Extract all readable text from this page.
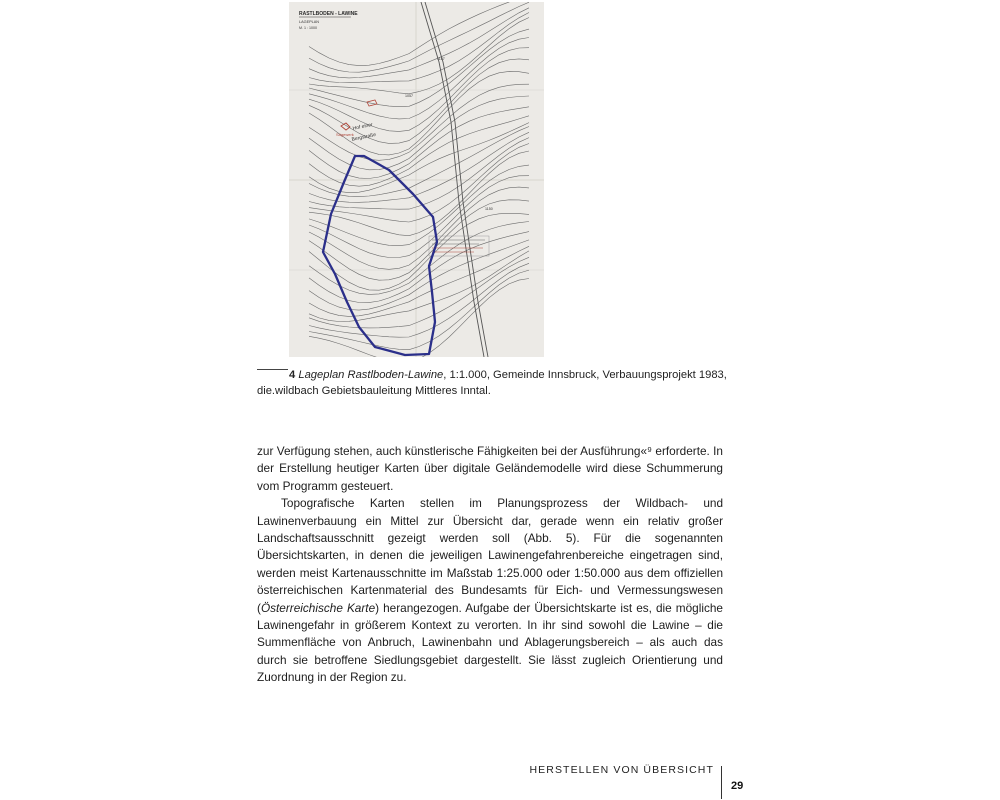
RASTLBODEN - LAWINE
LAGEPLAN
M. 1 : 1000
Hof einer
Bergstraße
1187
1150
1057
Sägewerk
4 Lageplan Rastlboden-Lawine, 1:1.000, Gemeinde Innsbruck, Verbauungsprojekt 1983,
die.wildbach Gebietsbauleitung Mittleres Inntal.

zur Verfügung stehen, auch künstlerische Fähigkeiten bei der Ausführung«⁹ erforderte. In der Erstellung heutiger Karten über digitale Geländemodelle wird diese Schummerung vom Programm gesteuert.

Topografische Karten stellen im Planungsprozess der Wildbach- und Lawinenverbauung ein Mittel zur Übersicht dar, gerade wenn ein relativ großer Landschaftsausschnitt gezeigt werden soll (Abb. 5). Für die sogenannten Übersichtskarten, in denen die jeweiligen Lawinengefahrenbereiche eingetragen sind, werden meist Kartenausschnitte im Maßstab 1:25.000 oder 1:50.000 aus dem offiziellen österreichischen Kartenmaterial des Bundesamts für Eich- und Vermessungswesen (Österreichische Karte) herangezogen. Aufgabe der Übersichtskarte ist es, die mögliche Lawinengefahr in größerem Kontext zu verorten. In ihr sind sowohl die Lawine – die Summenfläche von Anbruch, Lawinenbahn und Ablagerungsbereich – als auch das durch sie betroffene Siedlungsgebiet dargestellt. Sie lässt zugleich Orientierung und Zuordnung in der Region zu.

HERSTELLEN VON ÜBERSICHT
29
